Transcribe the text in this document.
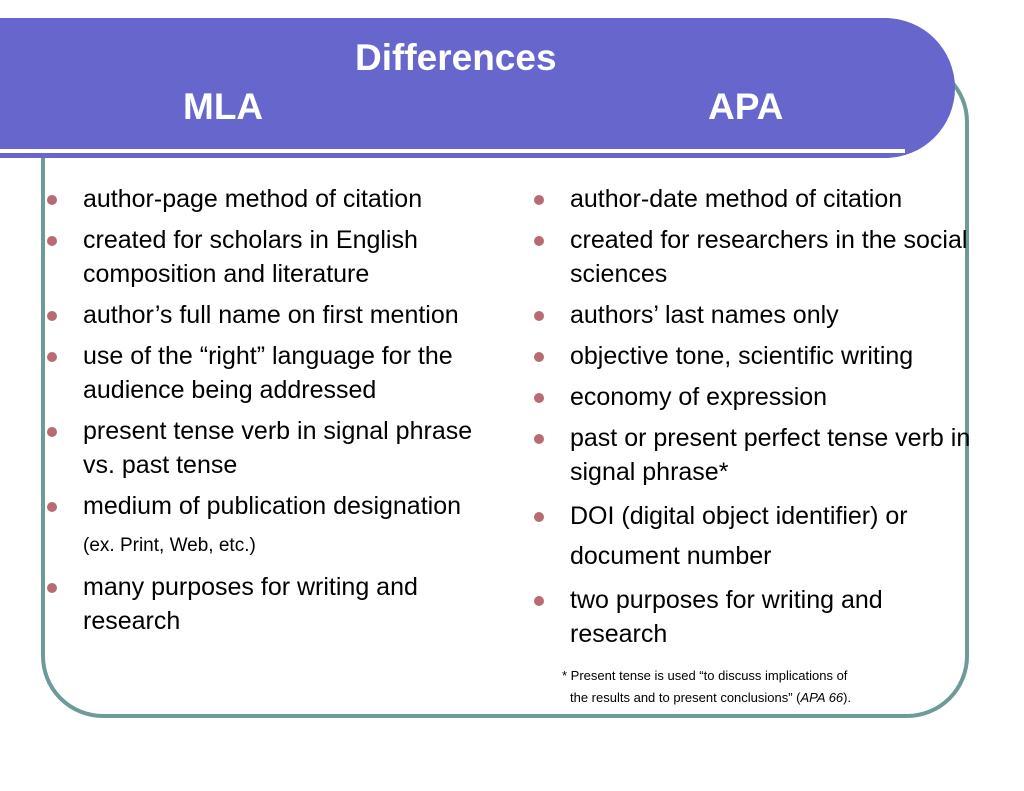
Differences
MLA	APA
author-page method of citation
created for scholars in English composition and literature
author’s full name on first mention
use of the “right” language for the audience being addressed
present tense verb in signal phrase vs. past tense
medium of publication designation (ex. Print, Web, etc.)
many purposes for writing and research
author-date method of citation
created for researchers in the social sciences
authors’ last names only
objective tone, scientific writing
economy of expression
past or present perfect tense verb in signal phrase*
DOI (digital object identifier) or document number
two purposes for writing and research
* Present tense is used “to discuss implications of
the results and to present conclusions” (APA 66).
